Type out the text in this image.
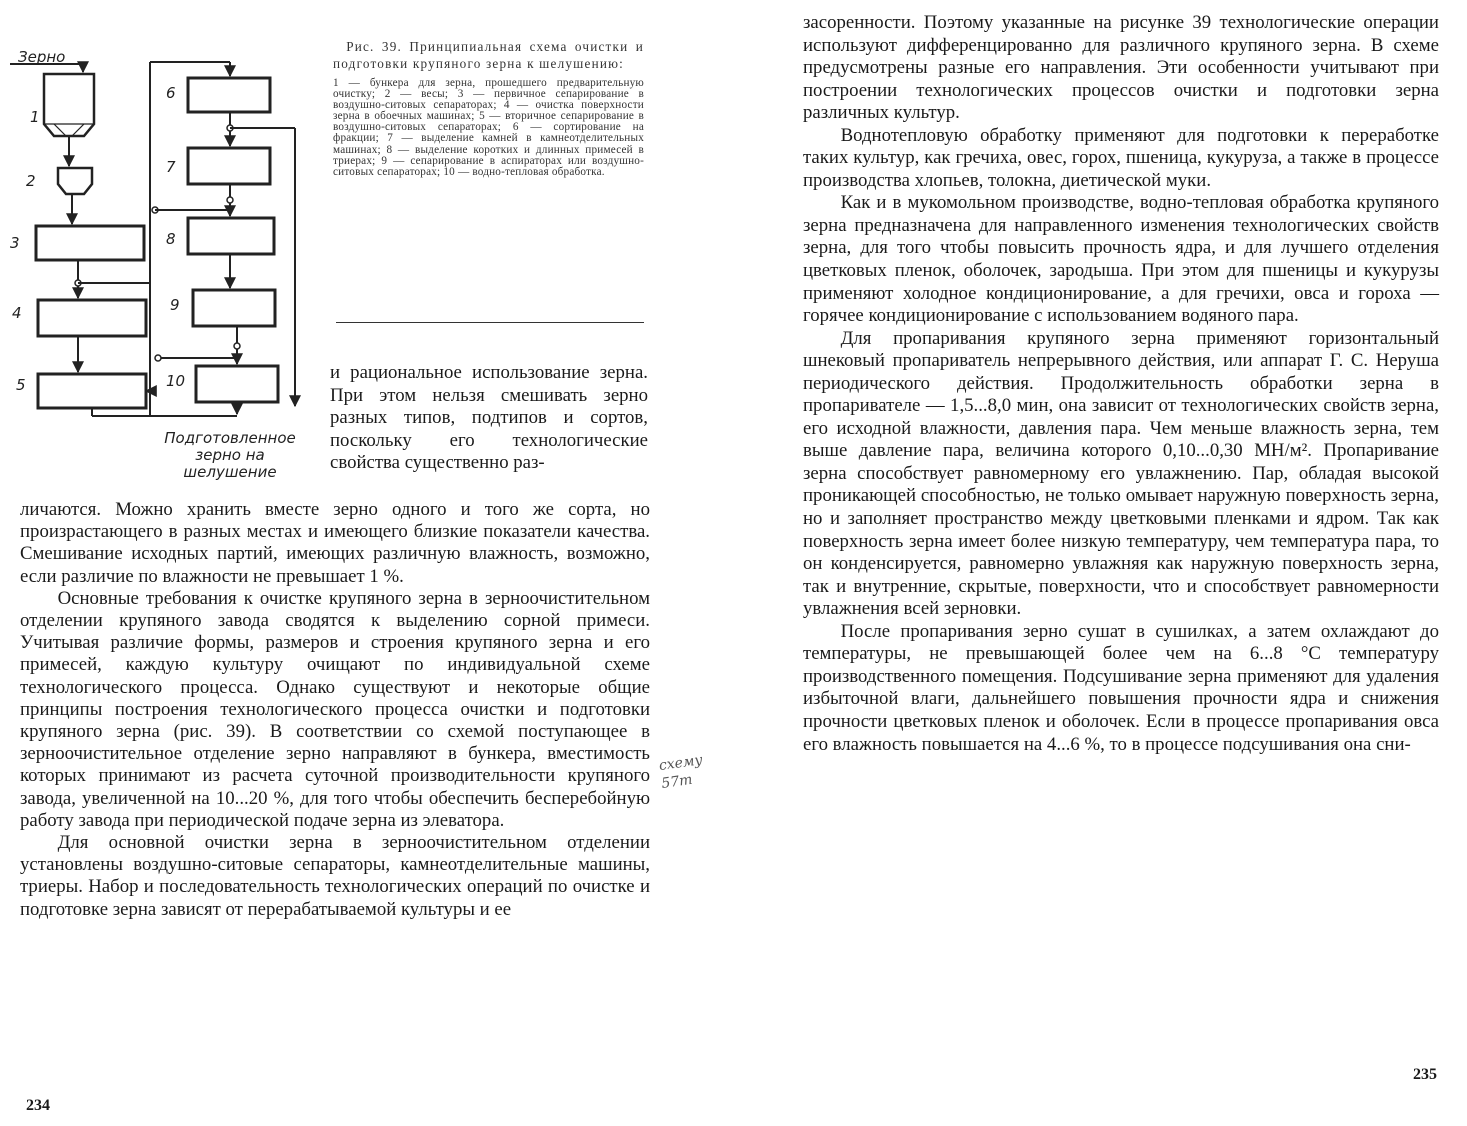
Зерно
1
2
3
4
5
6
7
8
9
10
Подготовленное зерно на шелушение
Рис. 39. Принципиальная схема очистки и подготовки крупяного зерна к шелушению:
1 — бункера для зерна, прошедшего предварительную очистку; 2 — весы; 3 — первичное сепарирование в воздушно-ситовых сепараторах; 4 — очистка поверхности зерна в обоечных машинах; 5 — вторичное сепарирование в воздушно-ситовых сепараторах; 6 — сортирование на фракции; 7 — выделение камней в камнеотделительных машинах; 8 — выделение коротких и длинных примесей в триерах; 9 — сепарирование в аспираторах или воздушно-ситовых сепараторах; 10 — водно-тепловая обработка.

и рациональное использование зерна. При этом нельзя смешивать зерно разных типов, подтипов и сортов, поскольку его технологические свойства существенно раз-

личаются. Можно хранить вместе зерно одного и того же сорта, но произрастающего в разных местах и имеющего близкие показатели качества. Смешивание исходных партий, имеющих различную влажность, возможно, если различие по влажности не превышает 1 %.

Основные требования к очистке крупяного зерна в зерноочистительном отделении крупяного завода сводятся к выделению сорной примеси. Учитывая различие формы, размеров и строения крупяного зерна и его примесей, каждую культуру очищают по индивидуальной схеме технологического процесса. Однако существуют и некоторые общие принципы построения технологического процесса очистки и подготовки крупяного зерна (рис. 39). В соответствии со схемой поступающее в зерноочистительное отделение зерно направляют в бункера, вместимость которых принимают из расчета суточной производительности крупяного завода, увеличенной на 10...20 %, для того чтобы обеспечить бесперебойную работу завода при периодической подаче зерна из элеватора.

Для основной очистки зерна в зерноочистительном отделении установлены воздушно-ситовые сепараторы, камнеотделительные машины, триеры. Набор и последовательность технологических операций по очистке и подготовке зерна зависят от перерабатываемой культуры и ее

схему 57т
234

засоренности. Поэтому указанные на рисунке 39 технологические операции используют дифференцированно для различного крупяного зерна. В схеме предусмотрены разные его направления. Эти особенности учитывают при построении технологических процессов очистки и подготовки зерна различных культур.

Воднотепловую обработку применяют для подготовки к переработке таких культур, как гречиха, овес, горох, пшеница, кукуруза, а также в процессе производства хлопьев, толокна, диетической муки.

Как и в мукомольном производстве, водно-тепловая обработка крупяного зерна предназначена для направленного изменения технологических свойств зерна, для того чтобы повысить прочность ядра, и для лучшего отделения цветковых пленок, оболочек, зародыша. При этом для пшеницы и кукурузы применяют холодное кондиционирование, а для гречихи, овса и гороха — горячее кондиционирование с использованием водяного пара.

Для пропаривания крупяного зерна применяют горизонтальный шнековый пропариватель непрерывного действия, или аппарат Г. С. Неруша периодического действия. Продолжительность обработки зерна в пропаривателе — 1,5...8,0 мин, она зависит от технологических свойств зерна, его исходной влажности, давления пара. Чем меньше влажность зерна, тем выше давление пара, величина которого 0,10...0,30 МН/м². Пропаривание зерна способствует равномерному его увлажнению. Пар, обладая высокой проникающей способностью, не только омывает наружную поверхность зерна, но и заполняет пространство между цветковыми пленками и ядром. Так как поверхность зерна имеет более низкую температуру, чем температура пара, то он конденсируется, равномерно увлажняя как наружную поверхность зерна, так и внутренние, скрытые, поверхности, что и способствует равномерности увлажнения всей зерновки.

После пропаривания зерно сушат в сушилках, а затем охлаждают до температуры, не превышающей более чем на 6...8 °С температуру производственного помещения. Подсушивание зерна применяют для удаления избыточной влаги, дальнейшего повышения прочности ядра и снижения прочности цветковых пленок и оболочек. Если в процессе пропаривания овса его влажность повышается на 4...6 %, то в процессе подсушивания она сни-

235
